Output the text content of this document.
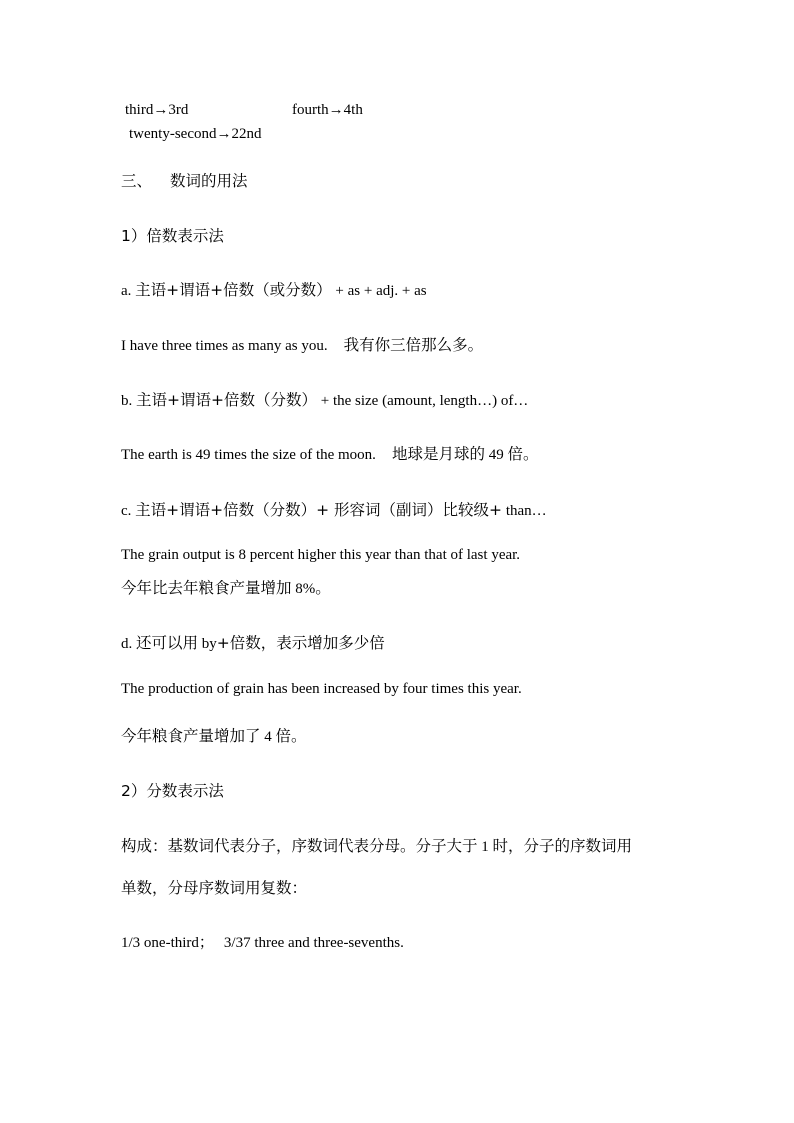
third→3rd	fourth→4th
twenty-second→22nd
三、 数词的用法
1）倍数表示法
a. 主语+谓语+倍数（或分数） + as + adj. + as
I have three times as many as you. 我有你三倍那么多。
b. 主语+谓语+倍数（分数） + the size (amount, length…) of…
The earth is 49 times the size of the moon. 地球是月球的 49 倍。
c. 主语+谓语+倍数（分数）+ 形容词（副词）比较级+ than…
The grain output is 8 percent higher this year than that of last year.
今年比去年粮食产量增加 8%。
d. 还可以用 by+倍数，表示增加多少倍
The production of grain has been increased by four times this year.
今年粮食产量增加了 4 倍。
2）分数表示法
构成：基数词代表分子，序数词代表分母。分子大于 1 时，分子的序数词用
单数，分母序数词用复数：
1/3 one-third； 3/37 three and three-sevenths.
